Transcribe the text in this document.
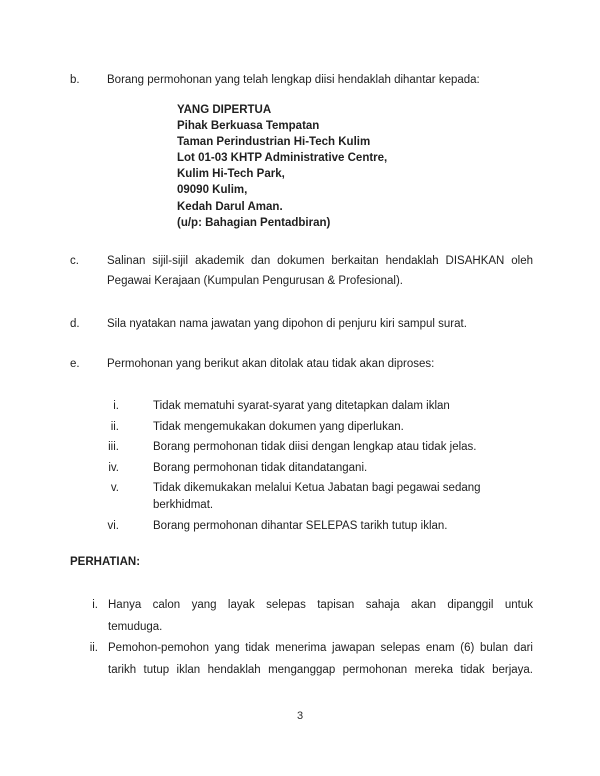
b. Borang permohonan yang telah lengkap diisi hendaklah dihantar kepada:
YANG DIPERTUA
Pihak Berkuasa Tempatan
Taman Perindustrian Hi-Tech Kulim
Lot 01-03 KHTP Administrative Centre,
Kulim Hi-Tech Park,
09090 Kulim,
Kedah Darul Aman.
(u/p: Bahagian Pentadbiran)
c. Salinan sijil-sijil akademik dan dokumen berkaitan hendaklah DISAHKAN oleh
Pegawai Kerajaan (Kumpulan Pengurusan & Profesional).
d. Sila nyatakan nama jawatan yang dipohon di penjuru kiri sampul surat.
e. Permohonan yang berikut akan ditolak atau tidak akan diproses:
i.	Tidak mematuhi syarat-syarat yang ditetapkan dalam iklan
ii.	Tidak mengemukakan dokumen yang diperlukan.
iii.	Borang permohonan tidak diisi dengan lengkap atau tidak jelas.
iv.	Borang permohonan tidak ditandatangani.
v.	Tidak dikemukakan melalui Ketua Jabatan bagi pegawai sedang berkhidmat.
vi.	Borang permohonan dihantar SELEPAS tarikh tutup iklan.
PERHATIAN:
i. Hanya calon yang layak selepas tapisan sahaja akan dipanggil untuk
temuduga.
ii. Pemohon-pemohon yang tidak menerima jawapan selepas enam (6) bulan dari
tarikh tutup iklan hendaklah menganggap permohonan mereka tidak berjaya.
3
